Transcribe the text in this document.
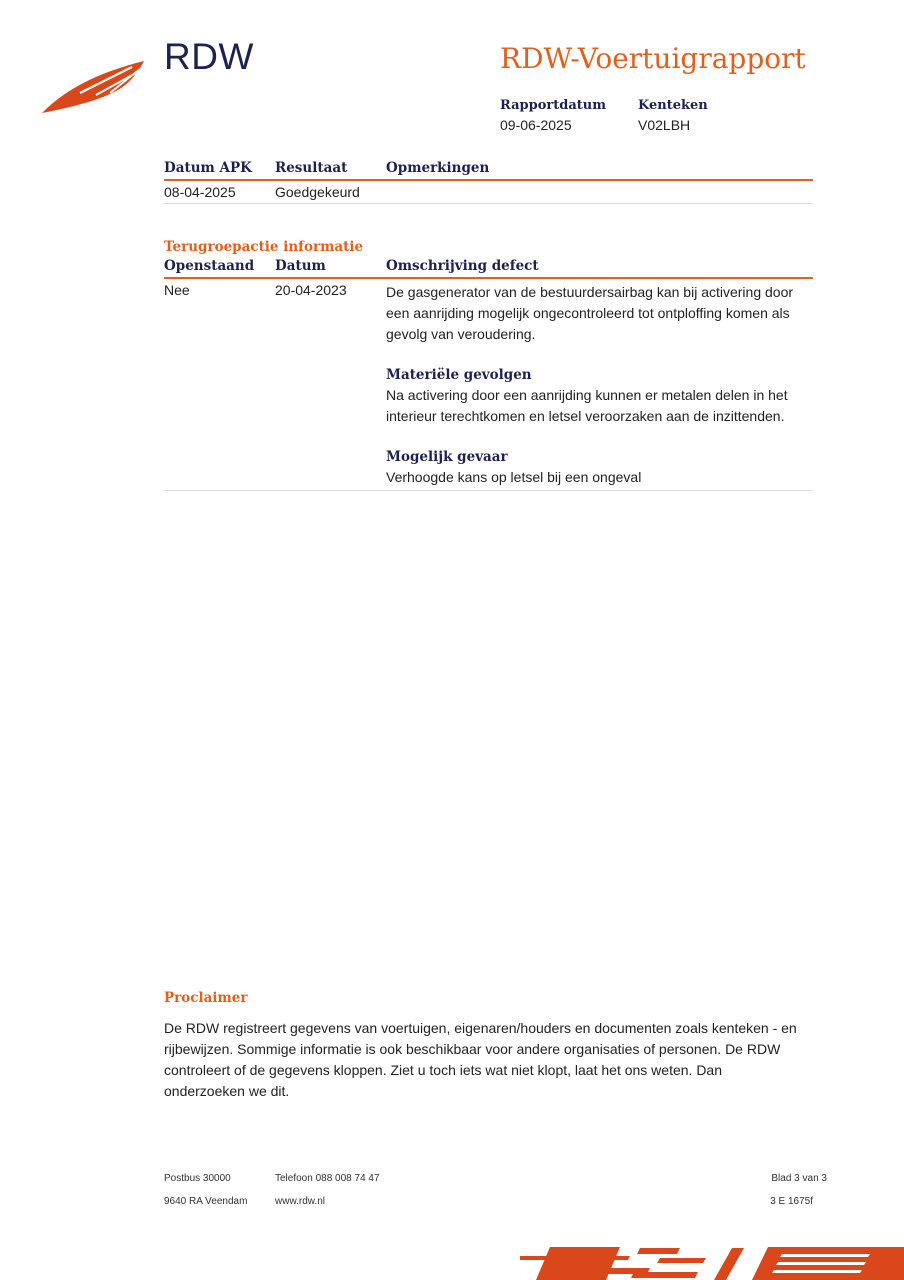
RDW	RDW-Voertuigrapport
Rapportdatum
09-06-2025
Kenteken
V02LBH
Datum APK	Resultaat	Opmerkingen
08-04-2025	Goedgekeurd
Terugroepactie informatie
Openstaand	Datum	Omschrijving defect
Nee	20-04-2023	De gasgenerator van de bestuurdersairbag kan bij activering door een aanrijding mogelijk ongecontroleerd tot ontploffing komen als gevolg van veroudering.
Materiële gevolgen
Na activering door een aanrijding kunnen er metalen delen in het interieur terechtkomen en letsel veroorzaken aan de inzittenden.
Mogelijk gevaar
Verhoogde kans op letsel bij een ongeval
Proclaimer
De RDW registreert gegevens van voertuigen, eigenaren/houders en documenten zoals kenteken - en rijbewijzen. Sommige informatie is ook beschikbaar voor andere organisaties of personen. De RDW controleert of de gegevens kloppen. Ziet u toch iets wat niet klopt, laat het ons weten. Dan onderzoeken we dit.
Postbus 30000
9640 RA Veendam
Telefoon 088 008 74 47
www.rdw.nl
Blad 3 van 3
3 E 1675f
